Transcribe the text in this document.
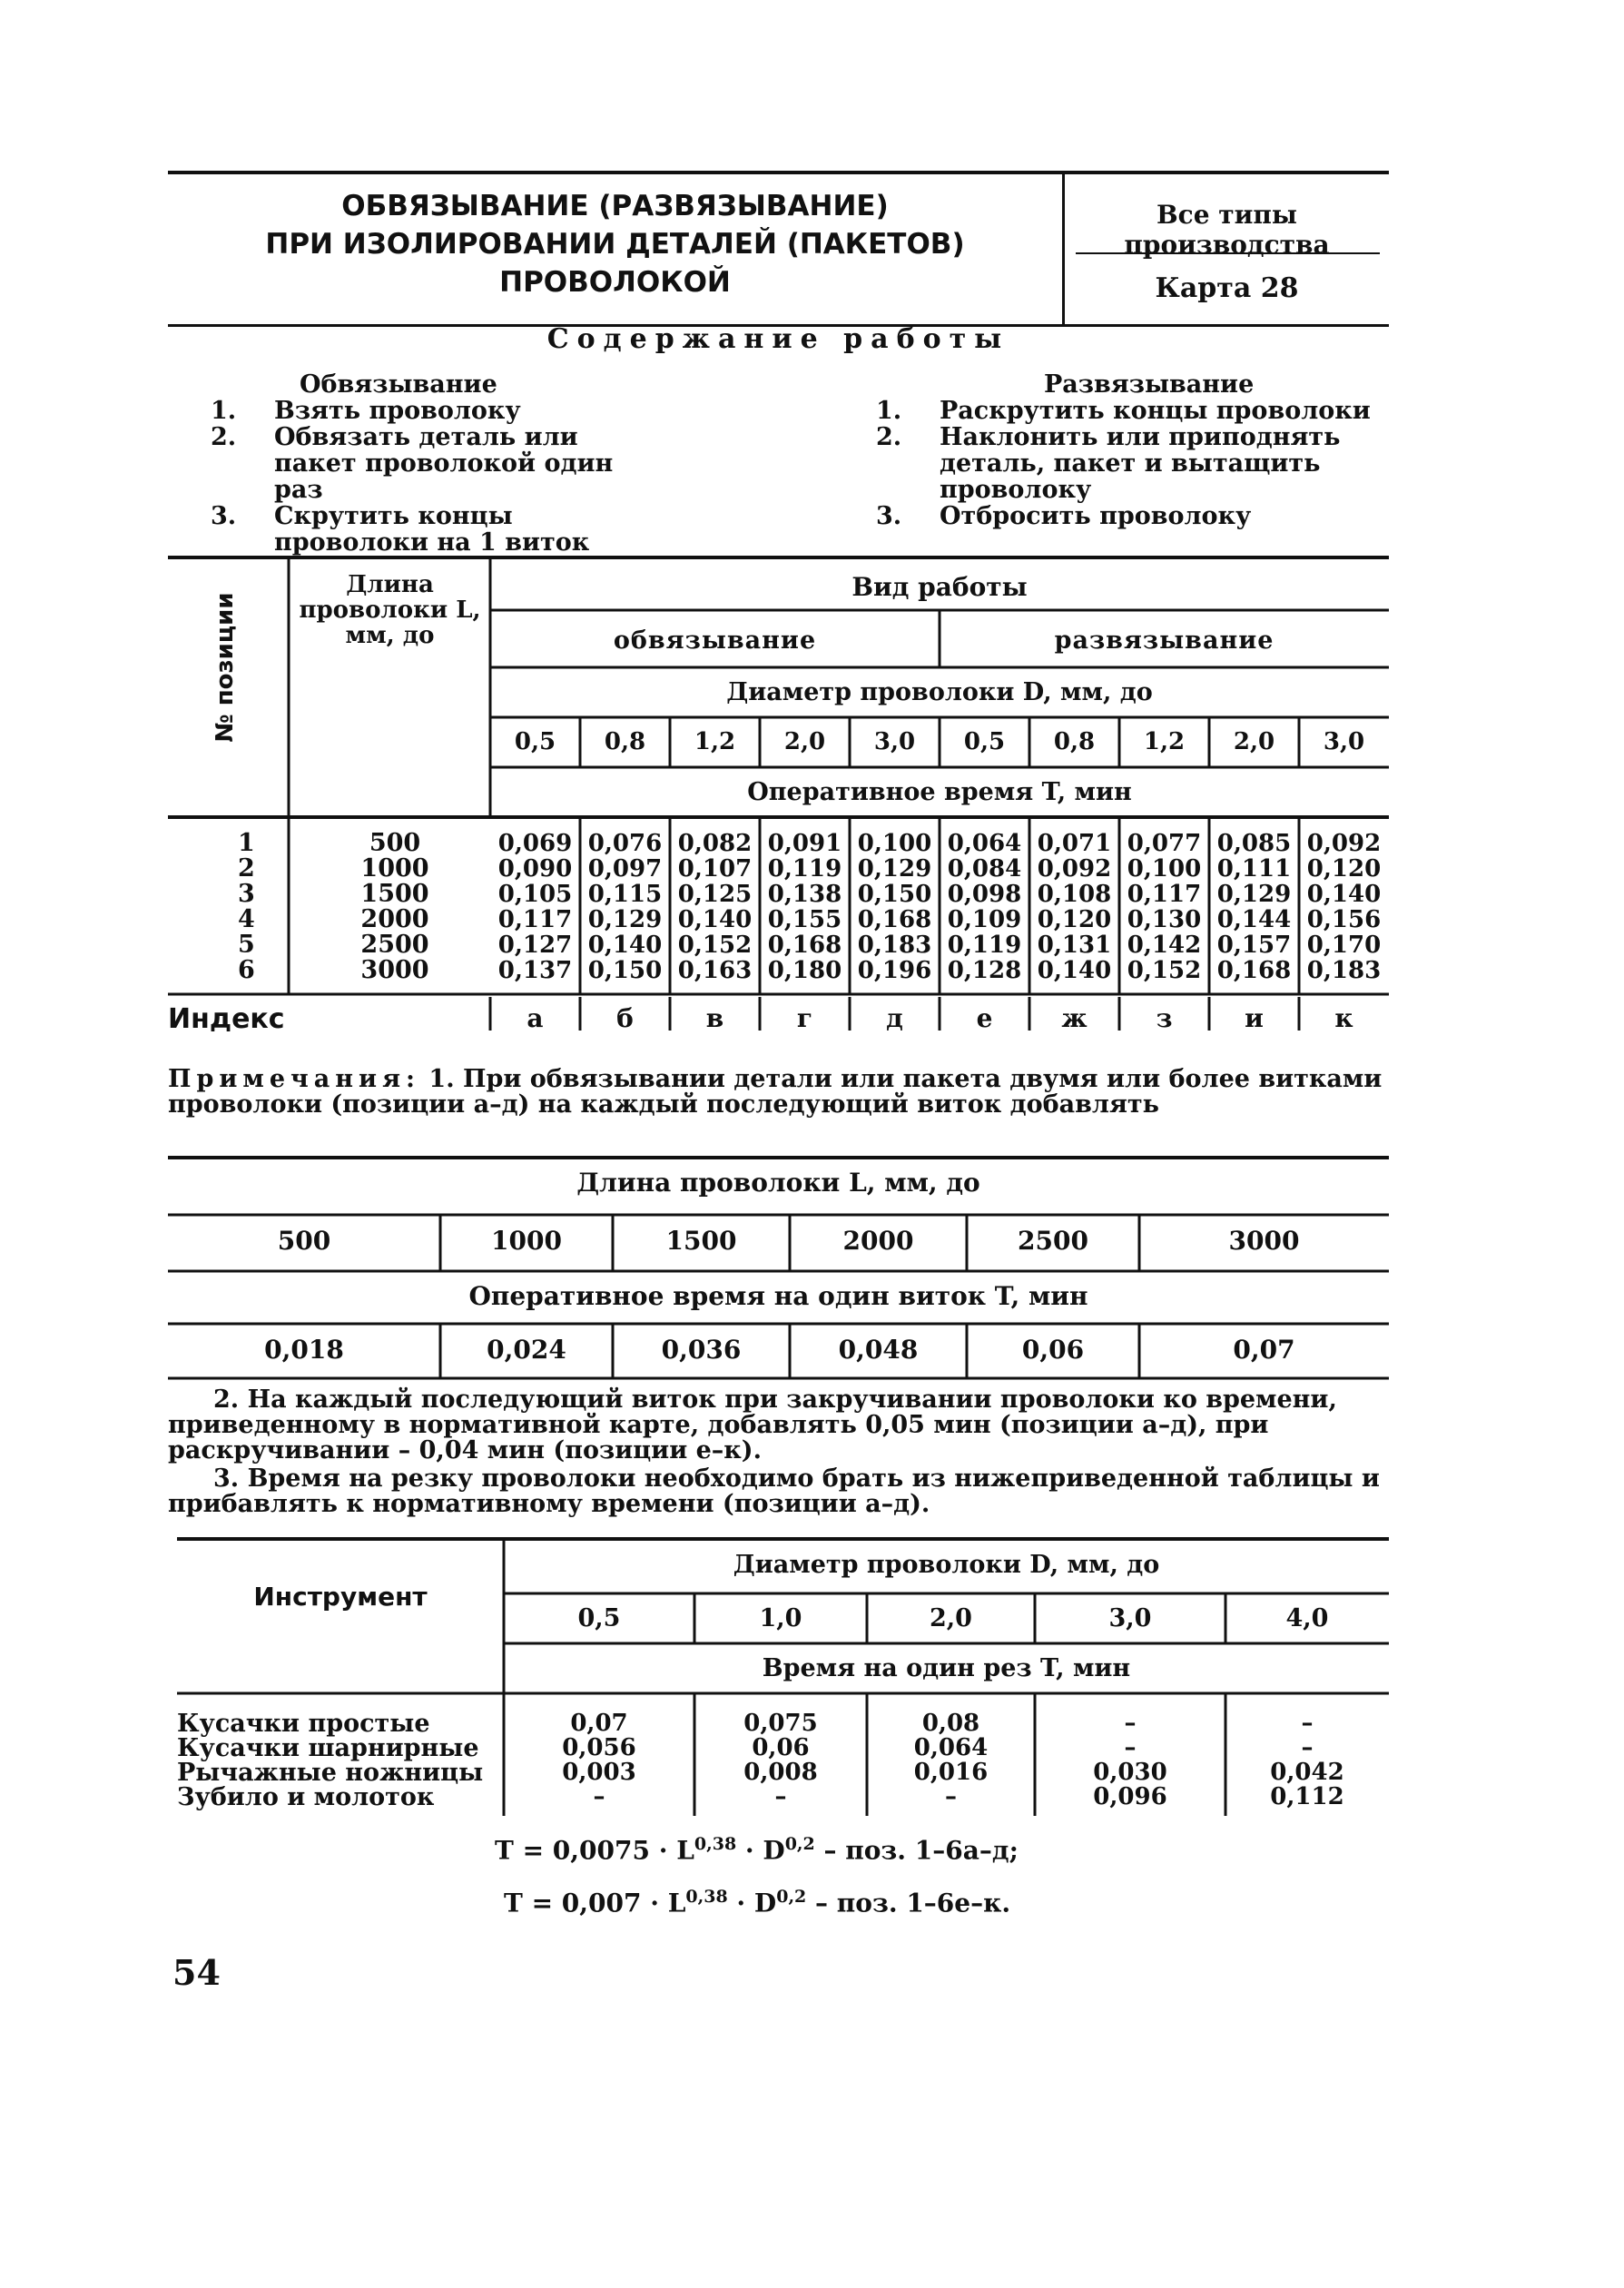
ОБВЯЗЫВАНИЕ (РАЗВЯЗЫВАНИЕ)
ПРИ ИЗОЛИРОВАНИИ ДЕТАЛЕЙ (ПАКЕТОВ)
ПРОВОЛОКОЙ
Все типы производства
Карта 28
Содержание работы
Обвязывание
1. Взять проволоку
2. Обвязать деталь или пакет проволокой один раз
3. Скрутить концы проволоки на 1 виток
Развязывание
1. Раскрутить концы проволоки
2. Наклонить или приподнять деталь, пакет и вытащить проволоку
3. Отбросить проволоку
№ позиции
Длина проволоки L, мм, до
Вид работы
обвязывание	развязывание
Диаметр проволоки D, мм, до
Оперативное время T, мин
1
2
3
4
5
6
500
1000
1500
2000
2500
3000
Индекс
Примечания: 1. При обвязывании детали или пакета двумя или более витками проволоки (позиции а–д) на каждый последующий виток добавлять
Длина проволоки L, мм, до
Оперативное время на один виток T, мин
2. На каждый последующий виток при закручивании проволоки ко времени, приведенному в нормативной карте, добавлять 0,05 мин (позиции а–д), при раскручивании – 0,04 мин (позиции е–к).
3. Время на резку проволоки необходимо брать из нижеприведенной таблицы и прибавлять к нормативному времени (позиции а–д).
Инструмент
Диаметр проволоки D, мм, до
Время на один рез T, мин
Кусачки простые
Кусачки шарнирные
Рычажные ножницы
Зубило и молоток
T = 0,0075 · L$^{0,38}$ · D$^{0,2}$ – поз. 1–6а–д;
T = 0,007 · L$^{0,38}$ · D$^{0,2}$ – поз. 1–6е–к.
54
0,5
0,069
0,090
0,105
0,117
0,127
0,137
а
0,8
0,076
0,097
0,115
0,129
0,140
0,150
б
1,2
0,082
0,107
0,125
0,140
0,152
0,163
в
2,0
0,091
0,119
0,138
0,155
0,168
0,180
г
3,0
0,100
0,129
0,150
0,168
0,183
0,196
д
0,5
0,064
0,084
0,098
0,109
0,119
0,128
е
0,8
0,071
0,092
0,108
0,120
0,131
0,140
ж
1,2
0,077
0,100
0,117
0,130
0,142
0,152
з
2,0
0,085
0,111
0,129
0,144
0,157
0,168
и
3,0
0,092
0,120
0,140
0,156
0,170
0,183
к
500
0,018
1000
0,024
1500
0,036
2000
0,048
2500
0,06
3000
0,07
0,5
0,07
0,056
0,003
–
1,0
0,075
0,06
0,008
–
2,0
0,08
0,064
0,016
–
3,0
–
–
0,030
0,096
4,0
–
–
0,042
0,112
